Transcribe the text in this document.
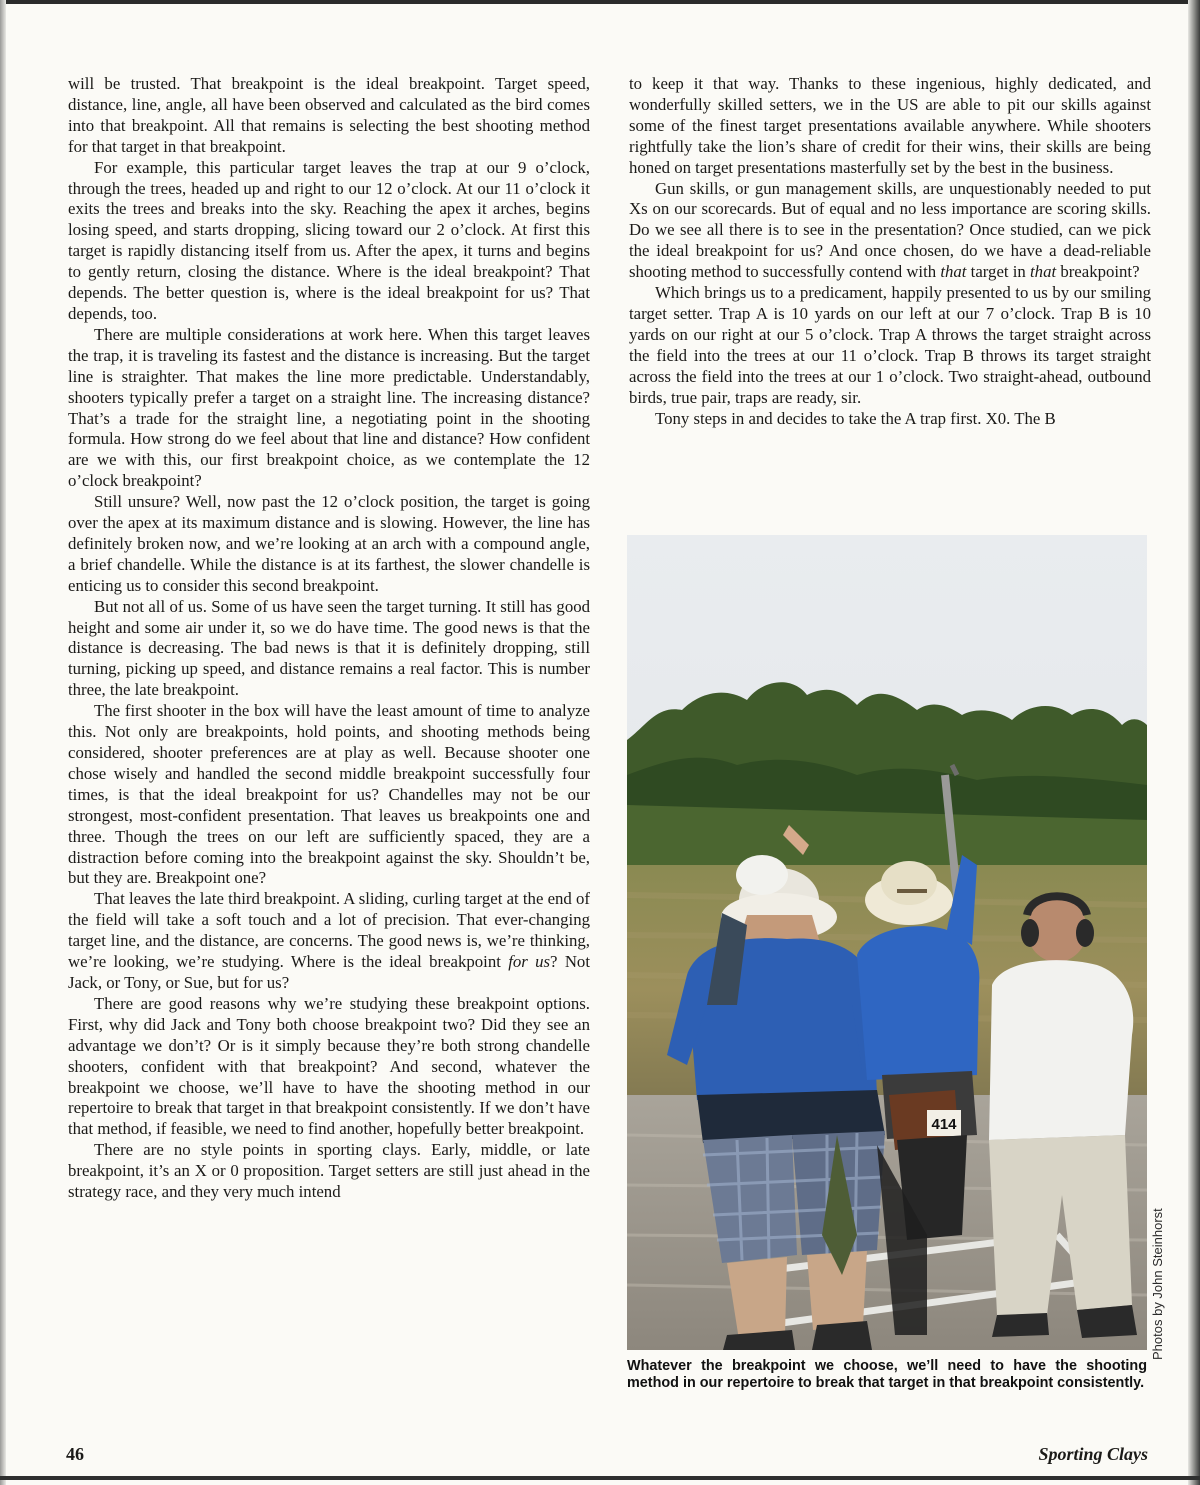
will be trusted. That breakpoint is the ideal breakpoint. Target speed, distance, line, angle, all have been observed and calculated as the bird comes into that breakpoint. All that remains is selecting the best shooting method for that target in that breakpoint.

For example, this particular target leaves the trap at our 9 o’clock, through the trees, headed up and right to our 12 o’clock. At our 11 o’clock it exits the trees and breaks into the sky. Reaching the apex it arches, begins losing speed, and starts dropping, slicing toward our 2 o’clock. At first this target is rapidly distancing itself from us. After the apex, it turns and begins to gently return, closing the distance. Where is the ideal breakpoint? That depends. The better question is, where is the ideal breakpoint for us? That depends, too.

There are multiple considerations at work here. When this target leaves the trap, it is traveling its fastest and the distance is increasing. But the target line is straighter. That makes the line more predictable. Understandably, shooters typically prefer a target on a straight line. The increasing distance? That’s a trade for the straight line, a negotiating point in the shooting formula. How strong do we feel about that line and distance? How confident are we with this, our first breakpoint choice, as we contemplate the 12 o’clock breakpoint?

Still unsure? Well, now past the 12 o’clock position, the target is going over the apex at its maximum distance and is slowing. However, the line has definitely broken now, and we’re looking at an arch with a compound angle, a brief chandelle. While the distance is at its farthest, the slower chandelle is enticing us to consider this second breakpoint.

But not all of us. Some of us have seen the target turning. It still has good height and some air under it, so we do have time. The good news is that the distance is decreasing. The bad news is that it is definitely dropping, still turning, picking up speed, and distance remains a real factor. This is number three, the late breakpoint.

The first shooter in the box will have the least amount of time to analyze this. Not only are breakpoints, hold points, and shooting methods being considered, shooter preferences are at play as well. Because shooter one chose wisely and handled the second middle breakpoint successfully four times, is that the ideal breakpoint for us? Chandelles may not be our strongest, most-confident presentation. That leaves us breakpoints one and three. Though the trees on our left are sufficiently spaced, they are a distraction before coming into the breakpoint against the sky. Shouldn’t be, but they are. Breakpoint one?

That leaves the late third breakpoint. A sliding, curling target at the end of the field will take a soft touch and a lot of precision. That ever-changing target line, and the distance, are concerns. The good news is, we’re thinking, we’re looking, we’re studying. Where is the ideal breakpoint for us? Not Jack, or Tony, or Sue, but for us?

There are good reasons why we’re studying these breakpoint options. First, why did Jack and Tony both choose breakpoint two? Did they see an advantage we don’t? Or is it simply because they’re both strong chandelle shooters, confident with that breakpoint? And second, whatever the breakpoint we choose, we’ll have to have the shooting method in our repertoire to break that target in that breakpoint consistently. If we don’t have that method, if feasible, we need to find another, hopefully better breakpoint.

There are no style points in sporting clays. Early, middle, or late breakpoint, it’s an X or 0 proposition. Target setters are still just ahead in the strategy race, and they very much intend

to keep it that way. Thanks to these ingenious, highly dedicated, and wonderfully skilled setters, we in the US are able to pit our skills against some of the finest target presentations available anywhere. While shooters rightfully take the lion’s share of credit for their wins, their skills are being honed on target presentations masterfully set by the best in the business.

Gun skills, or gun management skills, are unquestionably needed to put Xs on our scorecards. But of equal and no less importance are scoring skills. Do we see all there is to see in the presentation? Once studied, can we pick the ideal breakpoint for us? And once chosen, do we have a dead-reliable shooting method to successfully contend with that target in that breakpoint?

Which brings us to a predicament, happily presented to us by our smiling target setter. Trap A is 10 yards on our left at our 7 o’clock. Trap B is 10 yards on our right at our 5 o’clock. Trap A throws the target straight across the field into the trees at our 11 o’clock. Trap B throws its target straight across the field into the trees at our 1 o’clock. Two straight-ahead, outbound birds, true pair, traps are ready, sir.

Tony steps in and decides to take the A trap first. X0. The B

414
Photos by John Steinhorst
Whatever the breakpoint we choose, we’ll need to have the shooting method in our repertoire to break that target in that breakpoint consistently.
46	Sporting Clays
